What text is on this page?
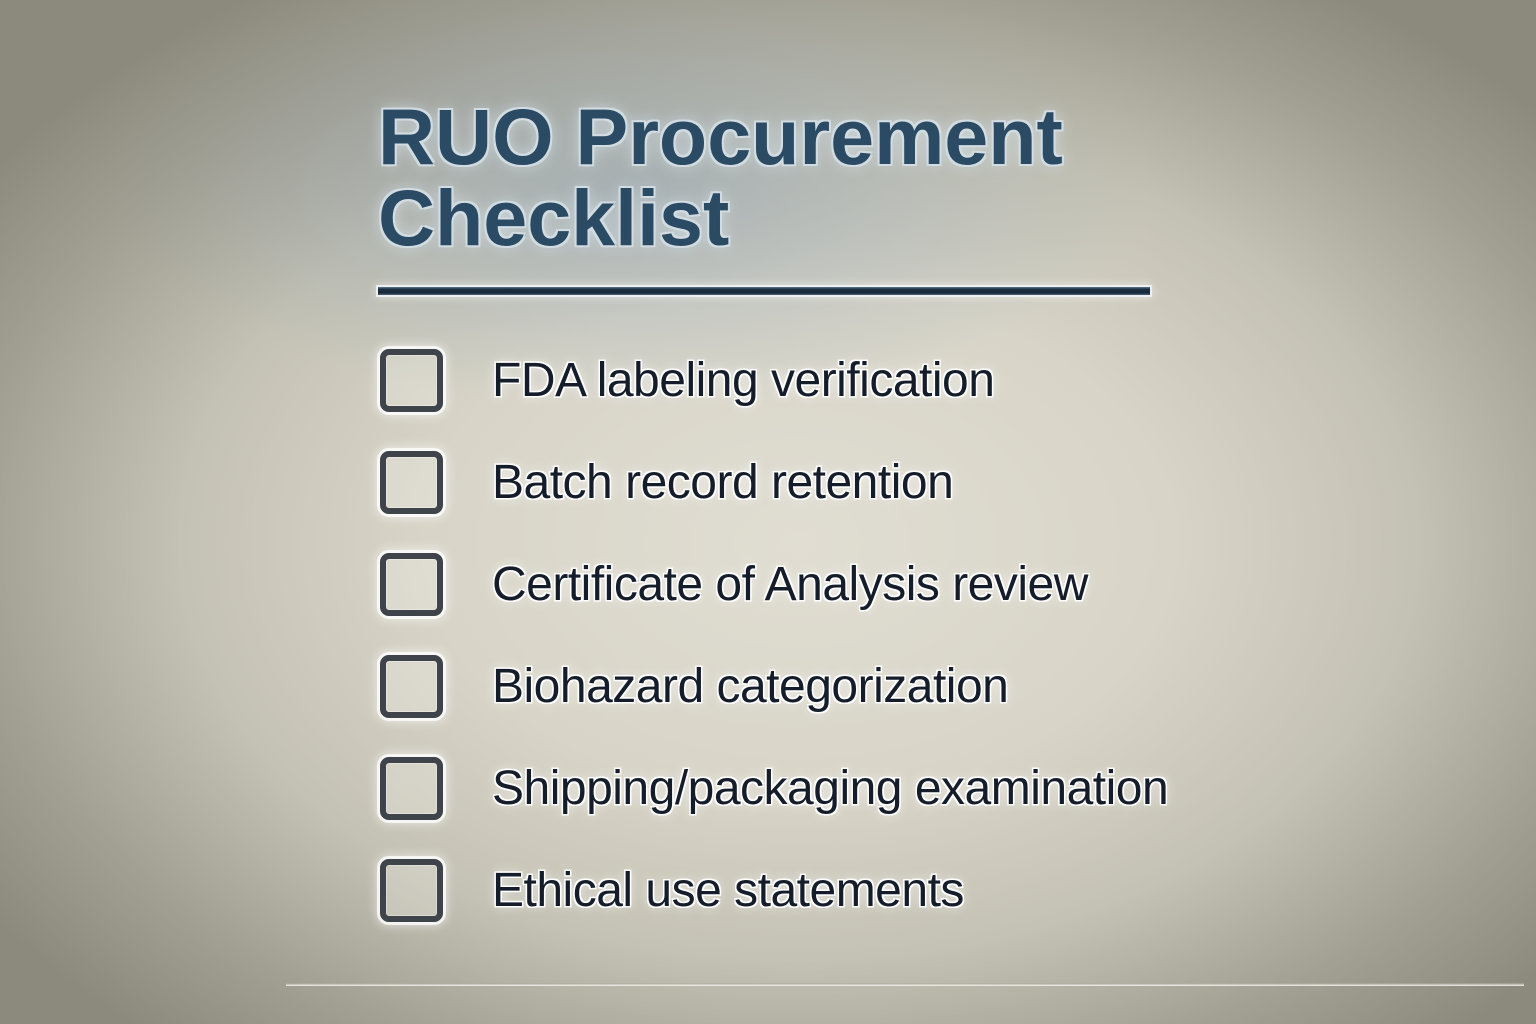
RUO Procurement
Checklist
FDA labeling verification
Batch record retention
Certificate of Analysis review
Biohazard categorization
Shipping/packaging examination
Ethical use statements
